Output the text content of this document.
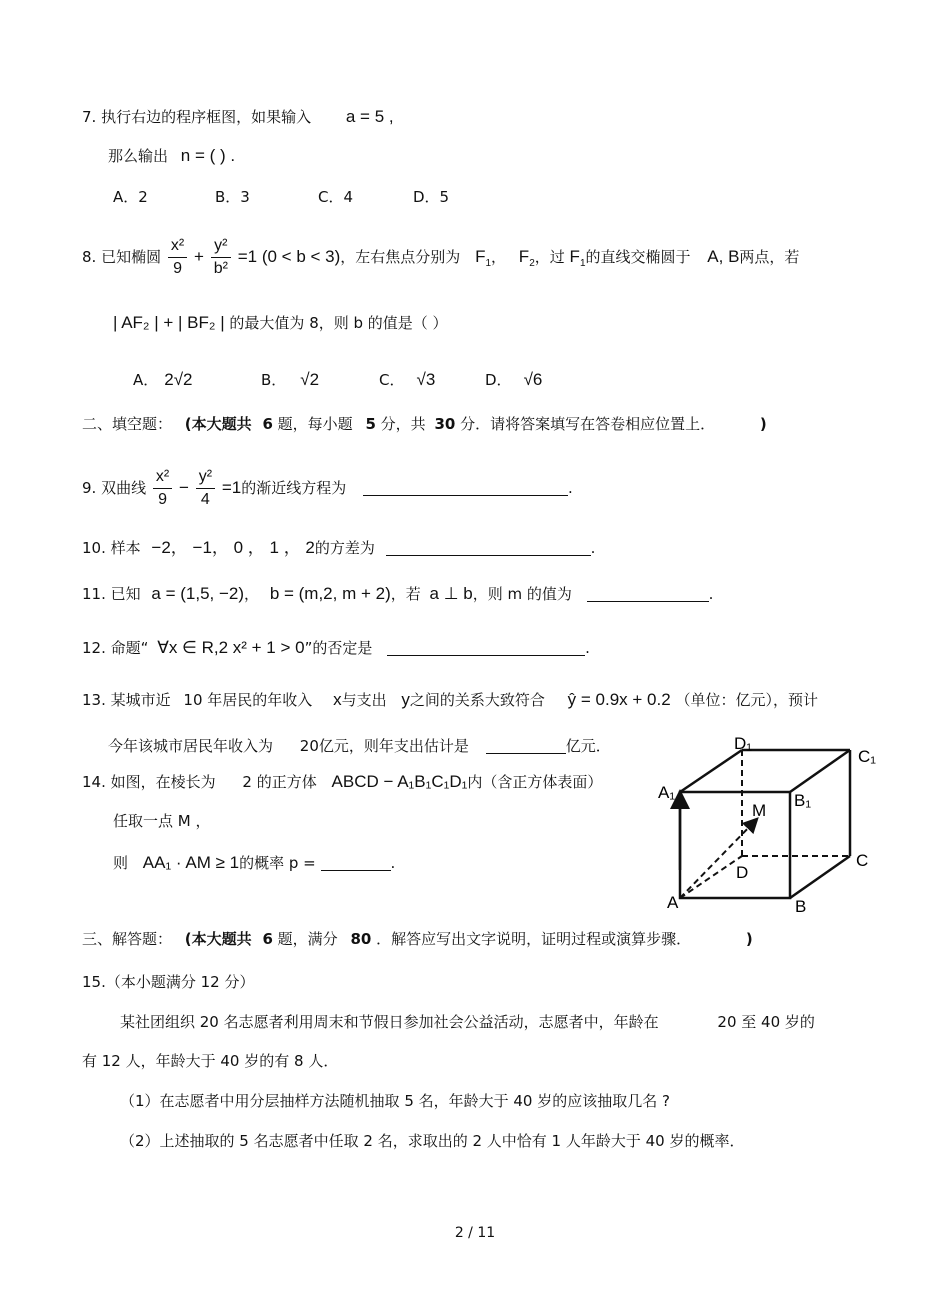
7. 执行右边的程序框图，如果输入 a = 5 ,
那么输出 n = ( ) .
A．2	B．3	C．4	D．5
8. 已知椭圆 $\frac{\text{x²}}{9} + \frac{\text{y²}}{\text{b²}} =1$ (0 < b < 3)，左右焦点分别为 $F_1$， $F_2$，过 $F_1$的直线交椭圆于 A, B两点，若
| AF₂ | + | BF₂ | 的最大值为 8，则 b 的值是（ ）
A． 2√2	B． √2	C． √3	D． √6
二、填空题： (本大题共 6 题，每小题 5 分，共 30 分．请将答案填写在答卷相应位置上．	)
9. 双曲线 $\frac{\text{x²}}{9} - \frac{\text{y²}}{4} =1$的渐近线方程为	.
10. 样本 −2， −1， 0 ， 1 ， 2的方差为	.
11. 已知 a = (1,5, −2)， b = (m,2, m + 2)，若 a ⊥ b，则 m 的值为	.
12. 命题“ ∀x ∈ R,2 x² + 1 > 0”的否定是	.
13. 某城市近 10 年居民的年收入 x与支出 y之间的关系大致符合 ŷ = 0.9x + 0.2 （单位：亿元），预计
今年该城市居民年收入为 20亿元，则年支出估计是	亿元．
14. 如图，在棱长为 2 的正方体 ABCD − A₁B₁C₁D₁内（含正方体表面）
任取一点 M ，
则 AA₁ · AM ≥ 1的概率 p =	.
D₁
C₁
A₁	B₁
M
D
C
A	B
三、解答题： (本大题共 6 题，满分 80 ．解答应写出文字说明，证明过程或演算步骤．	)
15.（本小题满分 12 分）
某社团组织 20 名志愿者利用周末和节假日参加社会公益活动，志愿者中，年龄在	20 至 40 岁的
有 12 人，年龄大于 40 岁的有 8 人．
（1）在志愿者中用分层抽样方法随机抽取 5 名，年龄大于 40 岁的应该抽取几名 ?
（2）上述抽取的 5 名志愿者中任取 2 名，求取出的 2 人中恰有 1 人年龄大于 40 岁的概率．
2 / 11
